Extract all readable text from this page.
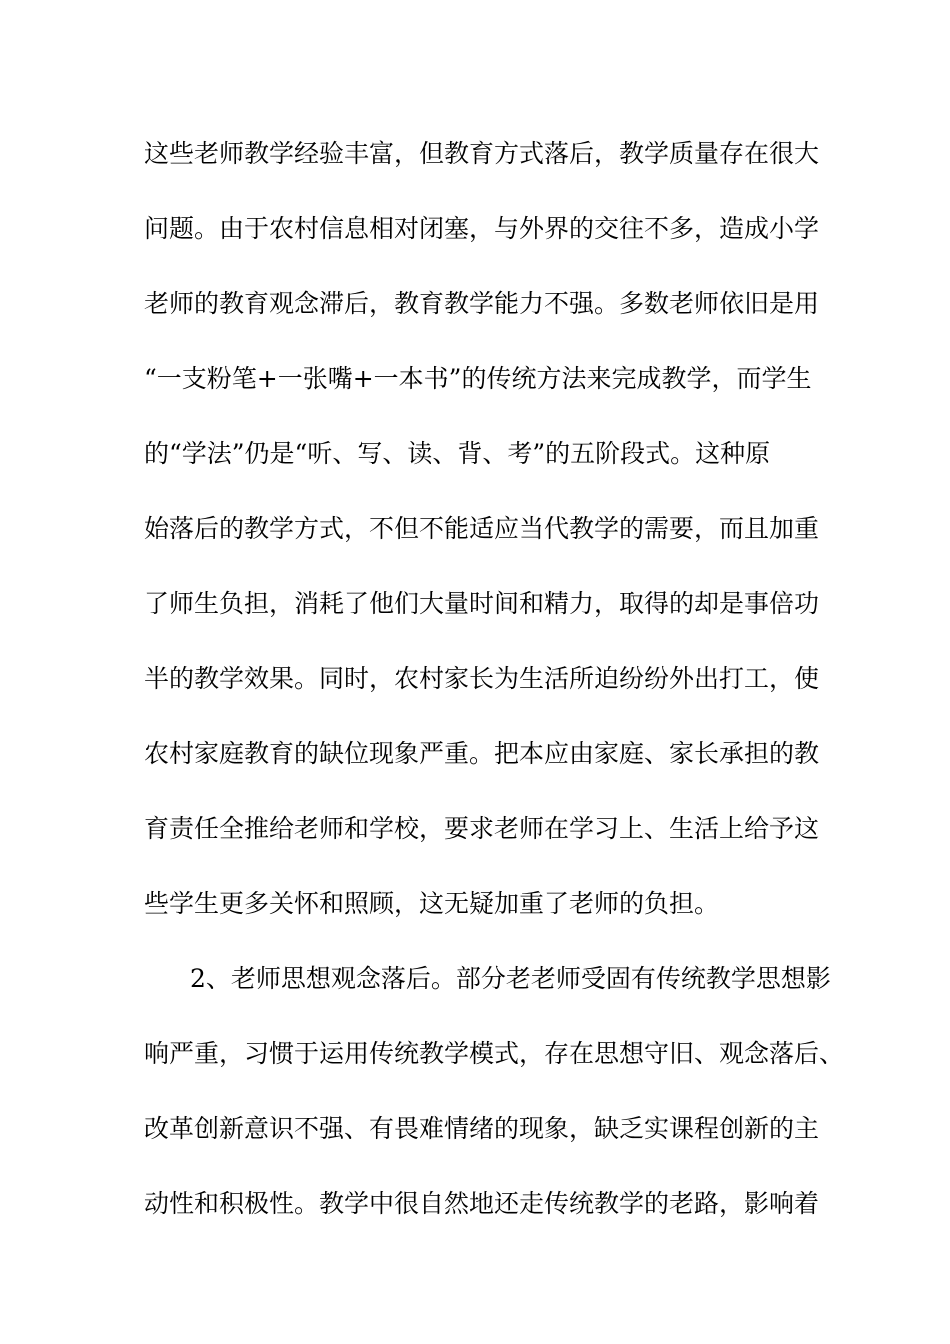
这些老师教学经验丰富，但教育方式落后，教学质量存在很大
问题。由于农村信息相对闭塞，与外界的交往不多，造成小学
老师的教育观念滞后，教育教学能力不强。多数老师依旧是用
“一支粉笔+一张嘴+一本书”的传统方法来完成教学，而学生
的“学法”仍是“听、写、读、背、考”的五阶段式。这种原
始落后的教学方式，不但不能适应当代教学的需要，而且加重
了师生负担，消耗了他们大量时间和精力，取得的却是事倍功
半的教学效果。同时，农村家长为生活所迫纷纷外出打工，使
农村家庭教育的缺位现象严重。把本应由家庭、家长承担的教
育责任全推给老师和学校，要求老师在学习上、生活上给予这
些学生更多关怀和照顾，这无疑加重了老师的负担。
2、老师思想观念落后。部分老老师受固有传统教学思想影
响严重，习惯于运用传统教学模式，存在思想守旧、观念落后、
改革创新意识不强、有畏难情绪的现象，缺乏实课程创新的主
动性和积极性。教学中很自然地还走传统教学的老路，影响着
